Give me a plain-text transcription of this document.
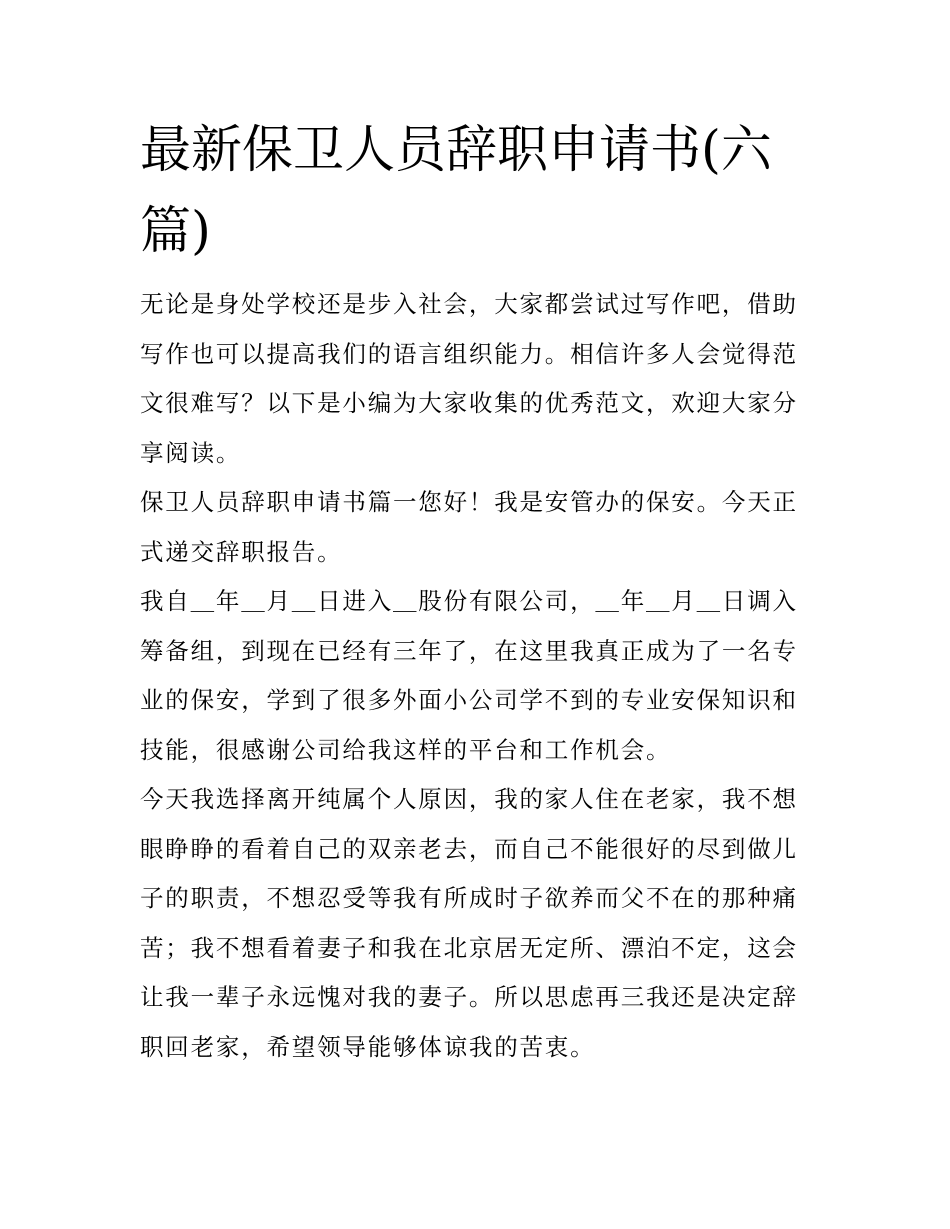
最新保卫人员辞职申请书(六篇)

无论是身处学校还是步入社会，大家都尝试过写作吧，借助写作也可以提高我们的语言组织能力。相信许多人会觉得范文很难写？以下是小编为大家收集的优秀范文，欢迎大家分享阅读。

保卫人员辞职申请书篇一您好！我是安管办的保安。今天正式递交辞职报告。

我自＿年＿月＿日进入＿股份有限公司，＿年＿月＿日调入筹备组，到现在已经有三年了，在这里我真正成为了一名专业的保安，学到了很多外面小公司学不到的专业安保知识和技能，很感谢公司给我这样的平台和工作机会。

今天我选择离开纯属个人原因，我的家人住在老家，我不想眼睁睁的看着自己的双亲老去，而自己不能很好的尽到做儿子的职责，不想忍受等我有所成时子欲养而父不在的那种痛苦；我不想看着妻子和我在北京居无定所、漂泊不定，这会让我一辈子永远愧对我的妻子。所以思虑再三我还是决定辞职回老家，希望领导能够体谅我的苦衷。
